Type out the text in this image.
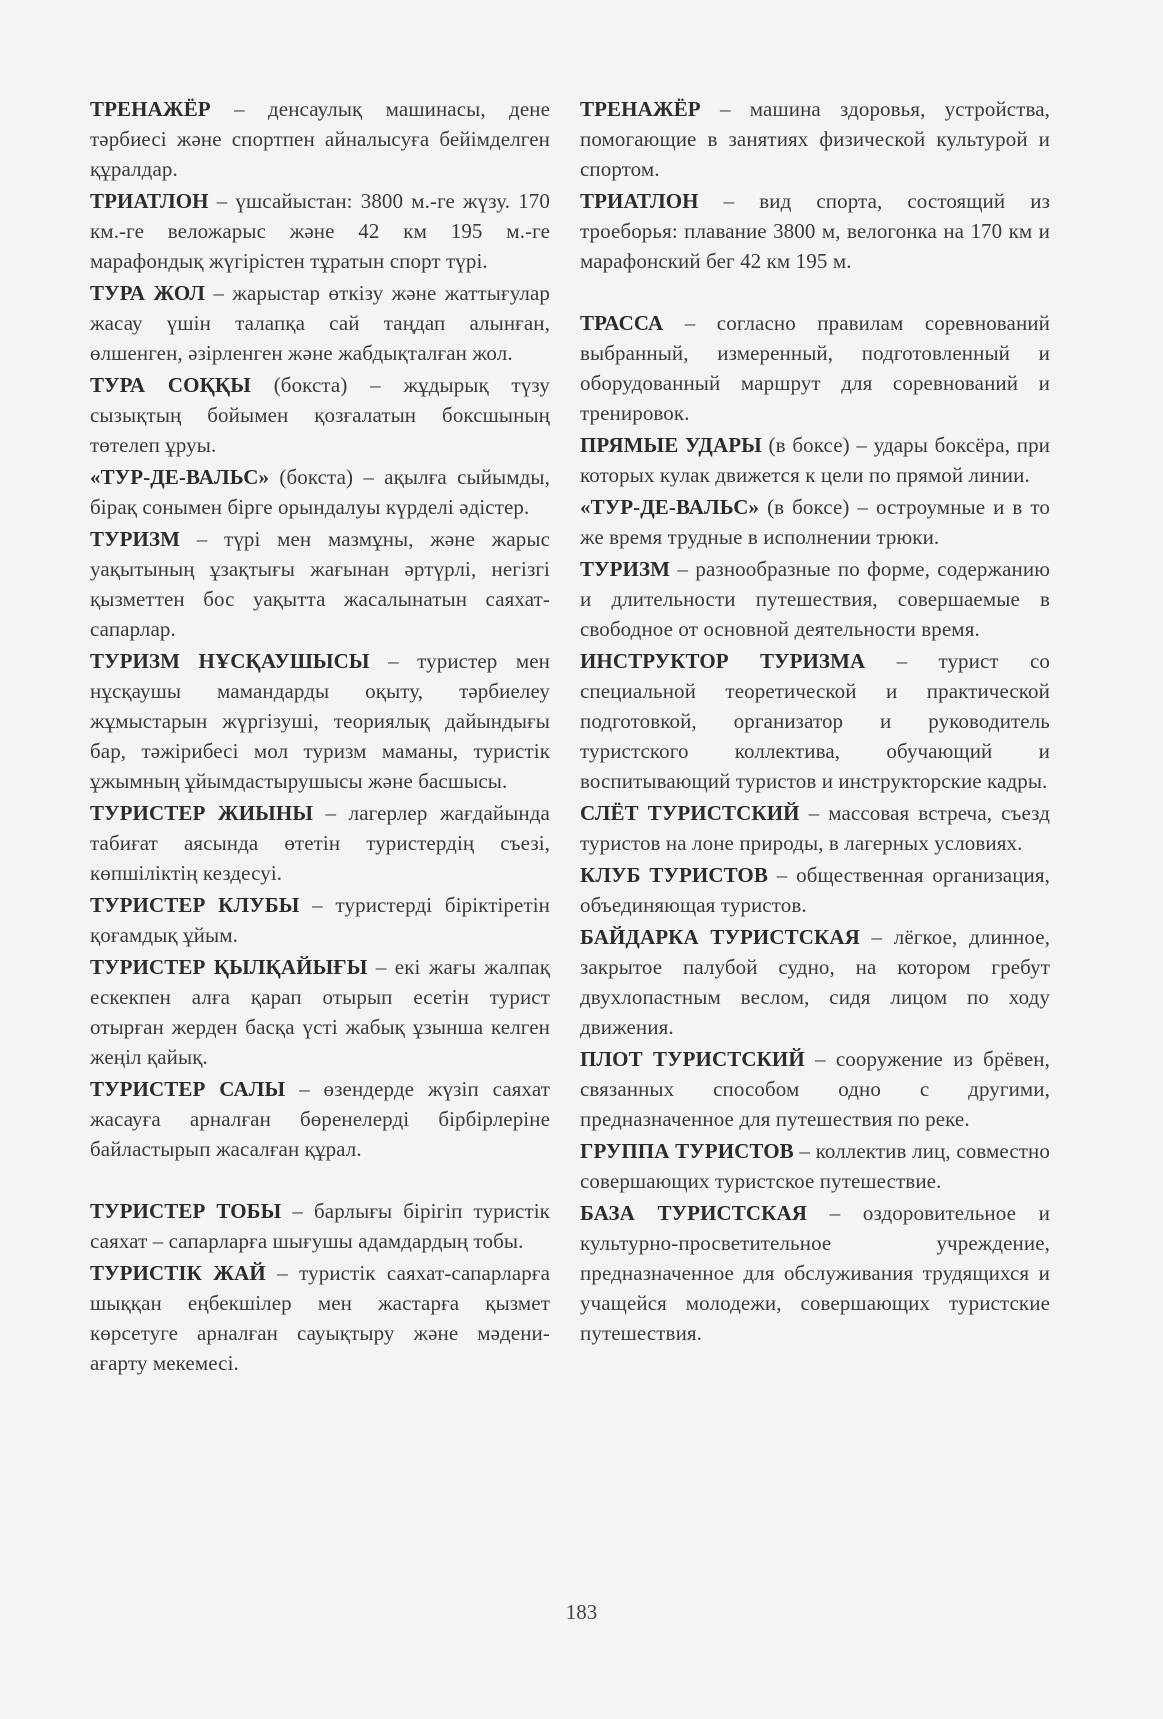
ТРЕНАЖЁР – денсаулық машинасы, дене тәрбиесі және спортпен айналысуға бейімделген құралдар.

ТРИАТЛОН – үшсайыстан: 3800 м.-ге жүзу. 170 км.-ге веложарыс және 42 км 195 м.-ге марафондық жүгірістен тұратын спорт түрі.

ТУРА ЖОЛ – жарыстар өткізу және жаттығулар жасау үшін талапқа сай таңдап алынған, өлшенген, әзірленген және жабдықталған жол.

ТУРА СОҚҚЫ (бокста) – жұдырық түзу сызықтың бойымен қозғалатын боксшының төтелеп ұруы.

«ТУР-ДЕ-ВАЛЬС» (бокста) – ақылға сыйымды, бірақ сонымен бірге орындалуы күрделі әдістер.

ТУРИЗМ – түрі мен мазмұны, және жарыс уақытының ұзақтығы жағынан әртүрлі, негізгі қызметтен бос уақытта жасалынатын саяхат-сапарлар.

ТУРИЗМ НҰСҚАУШЫСЫ – туристер мен нұсқаушы мамандарды оқыту, тәрбиелеу жұмыстарын жүргізуші, теориялық дайындығы бар, тәжірибесі мол туризм маманы, туристік ұжымның ұйымдастырушысы және басшысы.

ТУРИСТЕР ЖИЫНЫ – лагерлер жағдайында табиғат аясында өтетін туристердің съезі, көпшіліктің кездесуі.

ТУРИСТЕР КЛУБЫ – туристерді біріктіретін қоғамдық ұйым.

ТУРИСТЕР ҚЫЛҚАЙЫҒЫ – екі жағы жалпақ ескекпен алға қарап отырып есетін турист отырған жерден басқа үсті жабық ұзынша келген жеңіл қайық.

ТУРИСТЕР САЛЫ – өзендерде жүзіп саяхат жасауға арналған бөренелерді бірбірлеріне байластырып жасалған құрал.

ТУРИСТЕР ТОБЫ – барлығы бірігіп туристік саяхат – сапарларға шығушы адамдардың тобы.

ТУРИСТІК ЖАЙ – туристік саяхат-сапарларға шыққан еңбекшілер мен жастарға қызмет көрсетуге арналған сауықтыру және мәдени-ағарту мекемесі.

ТРЕНАЖЁР – машина здоровья, устройства, помогающие в занятиях физической культурой и спортом.

ТРИАТЛОН – вид спорта, состоящий из троеборья: плавание 3800 м, велогонка на 170 км и марафонский бег 42 км 195 м.

ТРАССА – согласно правилам соревнований выбранный, измеренный, подготовленный и оборудованный маршрут для соревнований и тренировок.

ПРЯМЫЕ УДАРЫ (в боксе) – удары боксёра, при которых кулак движется к цели по прямой линии.

«ТУР-ДЕ-ВАЛЬС» (в боксе) – остроумные и в то же время трудные в исполнении трюки.

ТУРИЗМ – разнообразные по форме, содержанию и длительности путешествия, совершаемые в свободное от основной деятельности время.

ИНСТРУКТОР ТУРИЗМА – турист со специальной теоретической и практической подготовкой, организатор и руководитель туристского коллектива, обучающий и воспитывающий туристов и инструкторские кадры.

СЛЁТ ТУРИСТСКИЙ – массовая встреча, съезд туристов на лоне природы, в лагерных условиях.

КЛУБ ТУРИСТОВ – общественная организация, объединяющая туристов.

БАЙДАРКА ТУРИСТСКАЯ – лёгкое, длинное, закрытое палубой судно, на котором гребут двухлопастным веслом, сидя лицом по ходу движения.

ПЛОТ ТУРИСТСКИЙ – сооружение из брёвен, связанных способом одно с другими, предназначенное для путешествия по реке.

ГРУППА ТУРИСТОВ – коллектив лиц, совместно совершающих туристское путешествие.

БАЗА ТУРИСТСКАЯ – оздоровительное и культурно-просветительное учреждение, предназначенное для обслуживания трудящихся и учащейся молодежи, совершающих туристские путешествия.

183
